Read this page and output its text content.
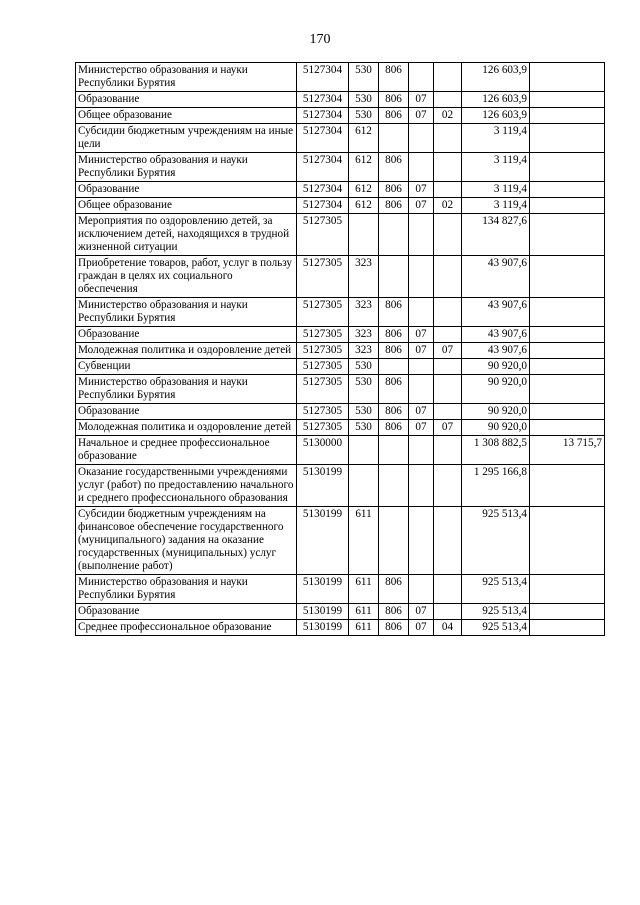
170
Министерство образования и науки Республики Бурятия	5127304	530	806			126 603,9	
Образование	5127304	530	806	07		126 603,9	
Общее образование	5127304	530	806	07	02	126 603,9	
Субсидии бюджетным учреждениям на иные цели	5127304	612				3 119,4	
Министерство образования и науки Республики Бурятия	5127304	612	806			3 119,4	
Образование	5127304	612	806	07		3 119,4	
Общее образование	5127304	612	806	07	02	3 119,4	
Мероприятия по оздоровлению детей, за исключением детей, находящихся в трудной жизненной ситуации	5127305					134 827,6	
Приобретение товаров, работ, услуг в пользу граждан в целях их социального обеспечения	5127305	323				43 907,6	
Министерство образования и науки Республики Бурятия	5127305	323	806			43 907,6	
Образование	5127305	323	806	07		43 907,6	
Молодежная политика и оздоровление детей	5127305	323	806	07	07	43 907,6	
Субвенции	5127305	530				90 920,0	
Министерство образования и науки Республики Бурятия	5127305	530	806			90 920,0	
Образование	5127305	530	806	07		90 920,0	
Молодежная политика и оздоровление детей	5127305	530	806	07	07	90 920,0	
Начальное и среднее профессиональное образование	5130000					1 308 882,5	13 715,7
Оказание государственными учреждениями услуг (работ) по предоставлению начального и среднего профессионального образования	5130199					1 295 166,8	
Субсидии бюджетным учреждениям на финансовое обеспечение государственного (муниципального) задания на оказание государственных (муниципальных) услуг (выполнение работ)	5130199	611				925 513,4	
Министерство образования и науки Республики Бурятия	5130199	611	806			925 513,4	
Образование	5130199	611	806	07		925 513,4	
Среднее профессиональное образование	5130199	611	806	07	04	925 513,4	
